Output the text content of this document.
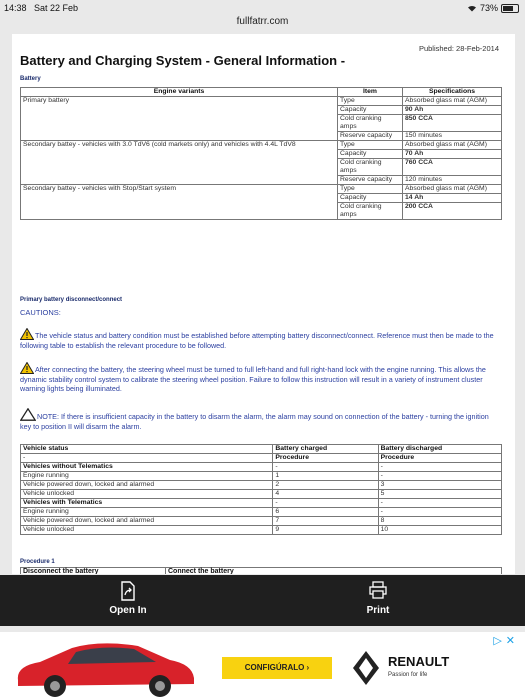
14:38 Sat 22 Feb	73%
fullfatrr.com
Published: 28-Feb-2014
Battery and Charging System - General Information -
Battery
Engine variants	Item	Specifications
Primary battery	Type	Absorbed glass mat (AGM)
	Capacity	90 Ah
	Cold cranking amps	850 CCA
	Reserve capacity	150 minutes
Secondary battey - vehicles with 3.0 TdV6 (cold markets only) and vehicles with 4.4L TdV8	Type	Absorbed glass mat (AGM)
	Capacity	70 Ah
	Cold cranking amps	760 CCA
	Reserve capacity	120 minutes
Secondary battey - vehicles with Stop/Start system	Type	Absorbed glass mat (AGM)
	Capacity	14 Ah
	Cold cranking amps	200 CCA
Primary battery disconnect/connect
CAUTIONS:
The vehicle status and battery condition must be established before attempting battery disconnect/connect. Reference must then be made to the following table to establish the relevant procedure to be followed.
After connecting the battery, the steering wheel must be turned to full left-hand and full right-hand lock with the engine running. This allows the dynamic stability control system to calibrate the steering wheel position. Failure to follow this instruction will result in a variety of instrument cluster warning lights being illuminated.
NOTE: If there is insufficient capacity in the battery to disarm the alarm, the alarm may sound on connection of the battery - turning the ignition key to position II will disarm the alarm.
Vehicle status	Battery charged	Battery discharged
-	Procedure	Procedure
Vehicles without Telematics	-	-
Engine running	1	-
Vehicle powered down, locked and alarmed	2	3
Vehicle unlocked	4	5
Vehicles with Telematics	-	-
Engine running	6	-
Vehicle powered down, locked and alarmed	7	8
Vehicle unlocked	9	10
Procedure 1
Disconnect the battery	Connect the battery
Open In	Print
CONFIGÚRALO ›	RENAULT
Passion for life
▷ ✕
